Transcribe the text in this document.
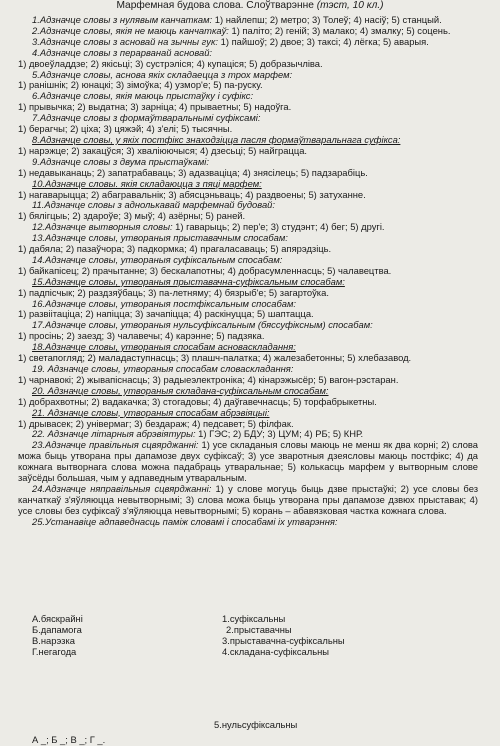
Марфемная будова слова. Слоўтварэнне (тэст, 10 кл.)

1.Адзначце словы з нулявым канчаткам: 1) найлепш; 2) метро; 3) Толеў; 4) насіў; 5) станцый.

2.Адзначце словы, якія не маюць канчаткаў: 1) паліто; 2) геній; 3) малако; 4) змалку; 5) соцень.

3.Адзначце словы з асновай на зычны гук: 1) пайшоў; 2) двое; 3) таксі; 4) лёгка; 5) аварыя.

4.Адзначце словы з перарванай асновай:

1) двоеўладдзе; 2) якісьці; 3) сустрэліся; 4) купаціся; 5) добразычліва.

5.Адзначце словы, аснова якіх складаецца з трох марфем:

1) ранішнік; 2) юнацкі; 3) зімоўка; 4) узмор'е; 5) па-руску.

6.Адзначце словы, якія маюць прыстаўку і суфікс:

1) прывычка; 2) выдатна; 3) зарніца; 4) прываетны; 5) надоўга.

7.Адзначце словы з формаўтваральнымі суфіксамі:

1) берагчы; 2) ціха; 3) цяжэй; 4) з'елі; 5) тысячны.

8.Адзначце словы, у якіх постфікс знаходзіцца пасля формаўтваральнага суфікса:

1) нарэжце; 2) закацўся; 3) хваліюючыся; 4) дзесьці; 5) найграцца.

9.Адзначце словы з двума прыстаўкамі:

1) недавыканаць; 2) запатрабаваць; 3) адазваціца; 4) знясілець; 5) падзарабіць.

10.Адзначце словы. якія складаюцца з пяці марфем:

1) нагаварыцца; 2) абагравальнік; 3) абясцэньваць; 4) раздвоены; 5) затуханне.

11.Адзначце словы з аднолькавай марфемнай будовай:

1) бялігцыь; 2) здароўе; 3) мыў; 4) азёрны; 5) раней.

12.Адзначце вытворныя словы: 1) гаварыць; 2) пер'е; 3) студэнт; 4) бег; 5) другі.

13.Адзначце словы, утвораныя прыставачным спосабам:

1) дабяла; 2) пазаўчора; 3) падкормка; 4) прагаласаваць; 5) апярэдзіць.

14.Адзначце словы, утвораныя суфіксальным спосабам:

1) байкапісец; 2) прачытанне; 3) бескалапотны; 4) добрасумленнасць; 5) чалавецтва.

15.Адзначце словы, утвораныя прыставачна-суфіксальным спосабам:

1) падпісчык; 2) раздзяўбаць; 3) па-летняму; 4) бязрыб'е; 5) загартоўка.

16.Адзначце словы, утвораныя постфіксальным спосабам:

1) развіітаціца; 2) напіцца; 3) зачапіцца; 4) раскінуцца; 5) шаптацца.

17.Адзначце словы, утвораныя нульсуфіксальным (бяссуфіксным) спосабам:

1) просінь; 2) заезд; 3) чалавечы; 4) карэнне; 5) падзяка.

18.Адзначце словы, утвораныя спосабам асноваскладання:

1) светапогляд; 2) маладаступнасць; 3) плашч-палатка; 4) жалезабетонны; 5) хлебазавод.

19. Адзначце словы, утвораныя спосабам словаскладання:

1) чарнавокі; 2) жывапіснасць; 3) радыеэлектроніка; 4) кінарэжысёр; 5) вагон-рэстаран.

20. Адзначце словы, утвораныя складана-суфіксальным спосабам:

1) добрахвотны; 2) вадакачка; 3) стогадовы; 4) даўгавечнасць; 5) торфабрыкетны.

21. Адзначце словы, утвораныя спосабам абрэвіяцыі:

1) дрывасек; 2) універмаг; 3) бездараж; 4) педсавет; 5) філфак.

22. Адзначце літарныя абрэвіятуры: 1) ГЭС; 2) БДУ; 3) ЦУМ; 4) РБ; 5) КНР.

23.Адзначце правільныя сцвярджанні: 1) усе складаныя словы маюць не менш як два корні; 2) слова можа быць утворана пры дапамозе двух суфіксаў; 3) усе зваротныя дзеясловы маюць постфікс; 4) да кожнага вытворнага слова можна падабраць утваральнае; 5) колькасць марфем у вытворным слове заўсёды большая, чым у адпаведным утваральным.

24.Адзначце няправільныя сцвярджанні: 1) у слове могуць быць дзве прыстаўкі; 2) усе словы без канчаткаў з'яўляюцца невытворнымі; 3) слова можа быць утворана пры дапамозе дзвюх прыставак; 4) усе словы без суфіксаў з'яўляюцца невытворнымі; 5) корань – абавязковая частка кожнага слова.

25.Устанавіце адпаведнасць паміж словамі і спосабамі іх утварэння:

А.бяскрайні	1.суфіксальны
Б.дапамога	2.прыставачны
В.нарэзка	3.прыставачна-суфіксальны
Г.негагода	4.складана-суфіксальны
5.нульсуфіксальны
А _; Б _; В _; Г _.
